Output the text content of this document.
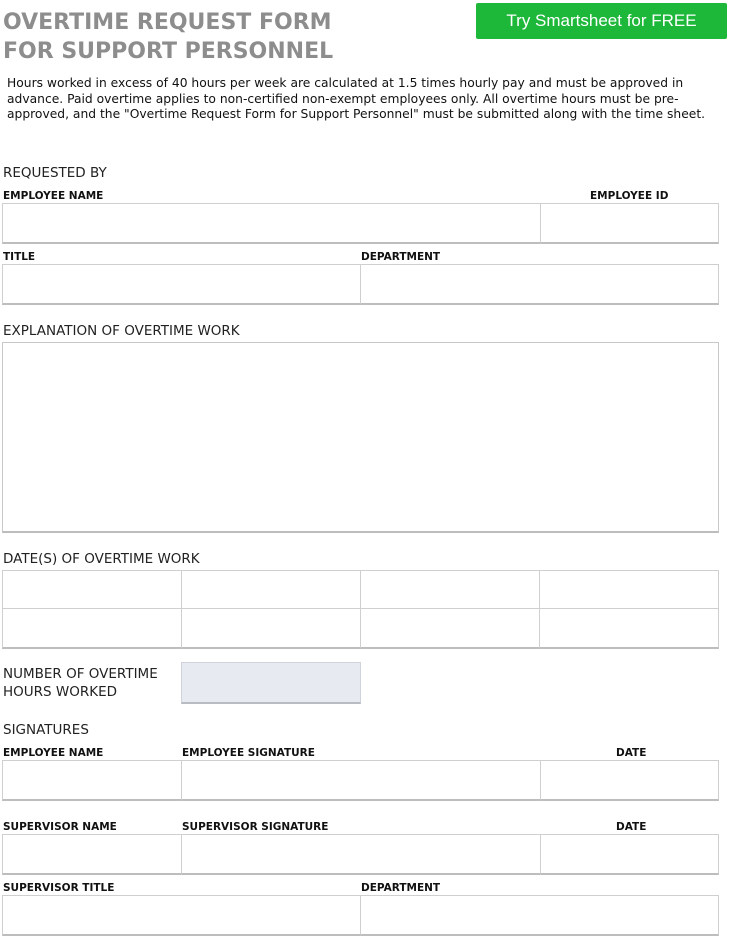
OVERTIME REQUEST FORM
FOR SUPPORT PERSONNEL
Try Smartsheet for FREE

Hours worked in excess of 40 hours per week are calculated at 1.5 times hourly pay and must be approved in advance. Paid overtime applies to non-certified non-exempt employees only. All overtime hours must be pre-approved, and the "Overtime Request Form for Support Personnel" must be submitted along with the time sheet.

REQUESTED BY
EMPLOYEE NAME	EMPLOYEE ID
TITLE	DEPARTMENT
EXPLANATION OF OVERTIME WORK
DATE(S) OF OVERTIME WORK
NUMBER OF OVERTIME
HOURS WORKED
SIGNATURES
EMPLOYEE NAME	EMPLOYEE SIGNATURE	DATE
SUPERVISOR NAME	SUPERVISOR SIGNATURE	DATE
SUPERVISOR TITLE	DEPARTMENT
